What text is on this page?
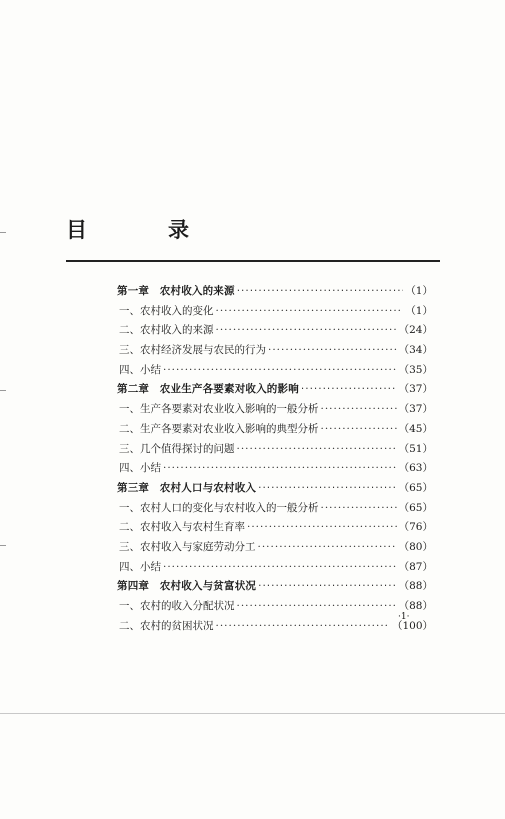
目　录
第一章　农村收入的来源 ·····	（1）
一、农村收入的变化 ·····	（1）
二、农村收入的来源 ·····	（24）
三、农村经济发展与农民的行为 ·····	（34）
四、小结 ·····	（35）
第二章　农业生产各要素对收入的影响 ·····	（37）
一、生产各要素对农业收入影响的一般分析 ·····	（37）
二、生产各要素对农业收入影响的典型分析 ·····	（45）
三、几个值得探讨的问题 ·····	（51）
四、小结 ·····	（63）
第三章　农村人口与农村收入 ·····	（65）
一、农村人口的变化与农村收入的一般分析 ·····	（65）
二、农村收入与农村生育率 ·····	（76）
三、农村收入与家庭劳动分工 ·····	（80）
四、小结 ·····	（87）
第四章　农村收入与贫富状况 ·····	（88）
一、农村的收入分配状况 ·····	（88）
二、农村的贫困状况 ·····	（100）
·1·
